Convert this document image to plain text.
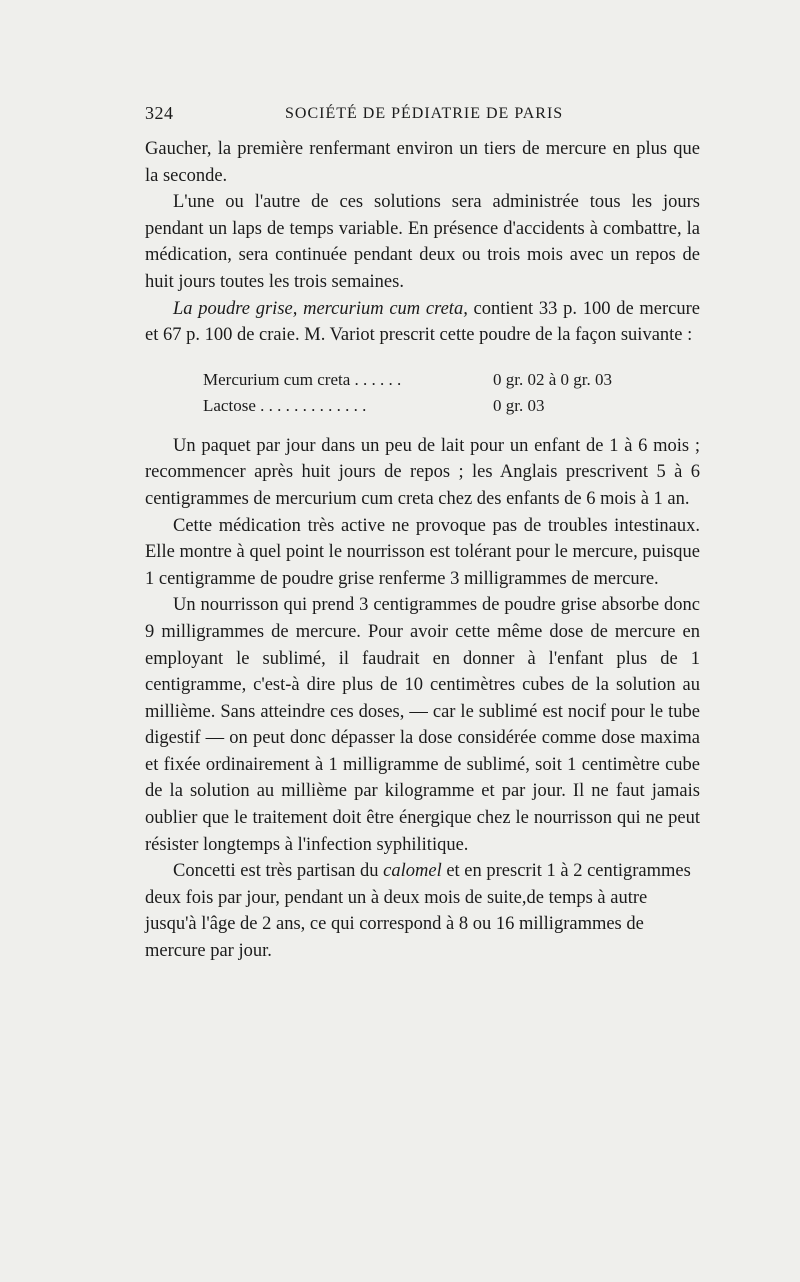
324	SOCIÉTÉ DE PÉDIATRIE DE PARIS

Gaucher, la première renfermant environ un tiers de mercure en plus que la seconde.

L'une ou l'autre de ces solutions sera administrée tous les jours pendant un laps de temps variable. En présence d'accidents à combattre, la médication, sera continuée pendant deux ou trois mois avec un repos de huit jours toutes les trois semaines.

La poudre grise, mercurium cum creta, contient 33 p. 100 de mercure et 67 p. 100 de craie. M. Variot prescrit cette poudre de la façon suivante :

Mercurium cum creta . . . . . .	0 gr. 02 à 0 gr. 03
Lactose . . . . . . . . . . . . .	0 gr. 03

Un paquet par jour dans un peu de lait pour un enfant de 1 à 6 mois ; recommencer après huit jours de repos ; les Anglais prescrivent 5 à 6 centigrammes de mercurium cum creta chez des enfants de 6 mois à 1 an.

Cette médication très active ne provoque pas de troubles intestinaux. Elle montre à quel point le nourrisson est tolérant pour le mercure, puisque 1 centigramme de poudre grise renferme 3 milligrammes de mercure.

Un nourrisson qui prend 3 centigrammes de poudre grise absorbe donc 9 milligrammes de mercure. Pour avoir cette même dose de mercure en employant le sublimé, il faudrait en donner à l'enfant plus de 1 centigramme, c'est-à dire plus de 10 centimètres cubes de la solution au millième. Sans atteindre ces doses, — car le sublimé est nocif pour le tube digestif — on peut donc dépasser la dose considérée comme dose maxima et fixée ordinairement à 1 milligramme de sublimé, soit 1 centimètre cube de la solution au millième par kilogramme et par jour. Il ne faut jamais oublier que le traitement doit être énergique chez le nourrisson qui ne peut résister longtemps à l'infection syphilitique.

Concetti est très partisan du calomel et en prescrit 1 à 2 centigrammes deux fois par jour, pendant un à deux mois de suite,de temps à autre jusqu'à l'âge de 2 ans, ce qui correspond à 8 ou 16 milligrammes de mercure par jour.
